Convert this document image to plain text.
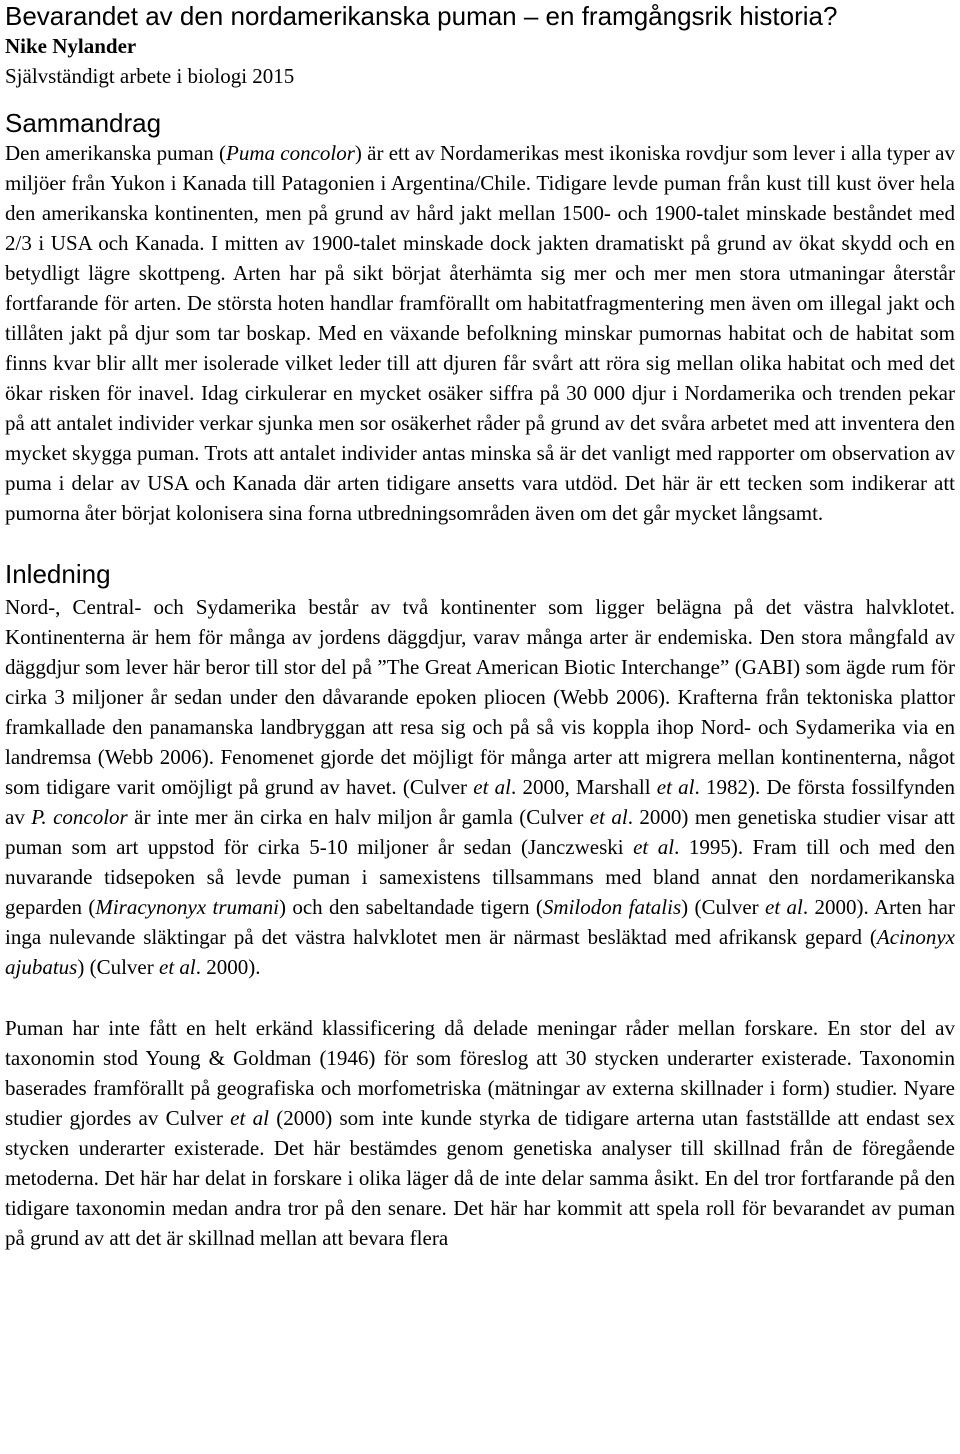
Bevarandet av den nordamerikanska puman – en framgångsrik historia?

Nike Nylander

Självständigt arbete i biologi 2015

Sammandrag

Den amerikanska puman (Puma concolor) är ett av Nordamerikas mest ikoniska rovdjur som lever i alla typer av miljöer från Yukon i Kanada till Patagonien i Argentina/Chile. Tidigare levde puman från kust till kust över hela den amerikanska kontinenten, men på grund av hård jakt mellan 1500- och 1900-talet minskade beståndet med 2/3 i USA och Kanada. I mitten av 1900-talet minskade dock jakten dramatiskt på grund av ökat skydd och en betydligt lägre skottpeng. Arten har på sikt börjat återhämta sig mer och mer men stora utmaningar återstår fortfarande för arten. De största hoten handlar framförallt om habitatfragmentering men även om illegal jakt och tillåten jakt på djur som tar boskap. Med en växande befolkning minskar pumornas habitat och de habitat som finns kvar blir allt mer isolerade vilket leder till att djuren får svårt att röra sig mellan olika habitat och med det ökar risken för inavel. Idag cirkulerar en mycket osäker siffra på 30 000 djur i Nordamerika och trenden pekar på att antalet individer verkar sjunka men sor osäkerhet råder på grund av det svåra arbetet med att inventera den mycket skygga puman. Trots att antalet individer antas minska så är det vanligt med rapporter om observation av puma i delar av USA och Kanada där arten tidigare ansetts vara utdöd. Det här är ett tecken som indikerar att pumorna åter börjat kolonisera sina forna utbredningsområden även om det går mycket långsamt.

Inledning

Nord-, Central- och Sydamerika består av två kontinenter som ligger belägna på det västra halvklotet. Kontinenterna är hem för många av jordens däggdjur, varav många arter är endemiska. Den stora mångfald av däggdjur som lever här beror till stor del på ”The Great American Biotic Interchange” (GABI) som ägde rum för cirka 3 miljoner år sedan under den dåvarande epoken pliocen (Webb 2006). Krafterna från tektoniska plattor framkallade den panamanska landbryggan att resa sig och på så vis koppla ihop Nord- och Sydamerika via en landremsa (Webb 2006). Fenomenet gjorde det möjligt för många arter att migrera mellan kontinenterna, något som tidigare varit omöjligt på grund av havet. (Culver et al. 2000, Marshall et al. 1982). De första fossilfynden av P. concolor är inte mer än cirka en halv miljon år gamla (Culver et al. 2000) men genetiska studier visar att puman som art uppstod för cirka 5-10 miljoner år sedan (Janczweski et al. 1995). Fram till och med den nuvarande tidsepoken så levde puman i samexistens tillsammans med bland annat den nordamerikanska geparden (Miracynonyx trumani) och den sabeltandade tigern (Smilodon fatalis) (Culver et al. 2000). Arten har inga nulevande släktingar på det västra halvklotet men är närmast besläktad med afrikansk gepard (Acinonyx ajubatus) (Culver et al. 2000).

Puman har inte fått en helt erkänd klassificering då delade meningar råder mellan forskare. En stor del av taxonomin stod Young & Goldman (1946) för som föreslog att 30 stycken underarter existerade. Taxonomin baserades framförallt på geografiska och morfometriska (mätningar av externa skillnader i form) studier. Nyare studier gjordes av Culver et al (2000) som inte kunde styrka de tidigare arterna utan fastställde att endast sex stycken underarter existerade. Det här bestämdes genom genetiska analyser till skillnad från de föregående metoderna. Det här har delat in forskare i olika läger då de inte delar samma åsikt. En del tror fortfarande på den tidigare taxonomin medan andra tror på den senare. Det här har kommit att spela roll för bevarandet av puman på grund av att det är skillnad mellan att bevara flera
